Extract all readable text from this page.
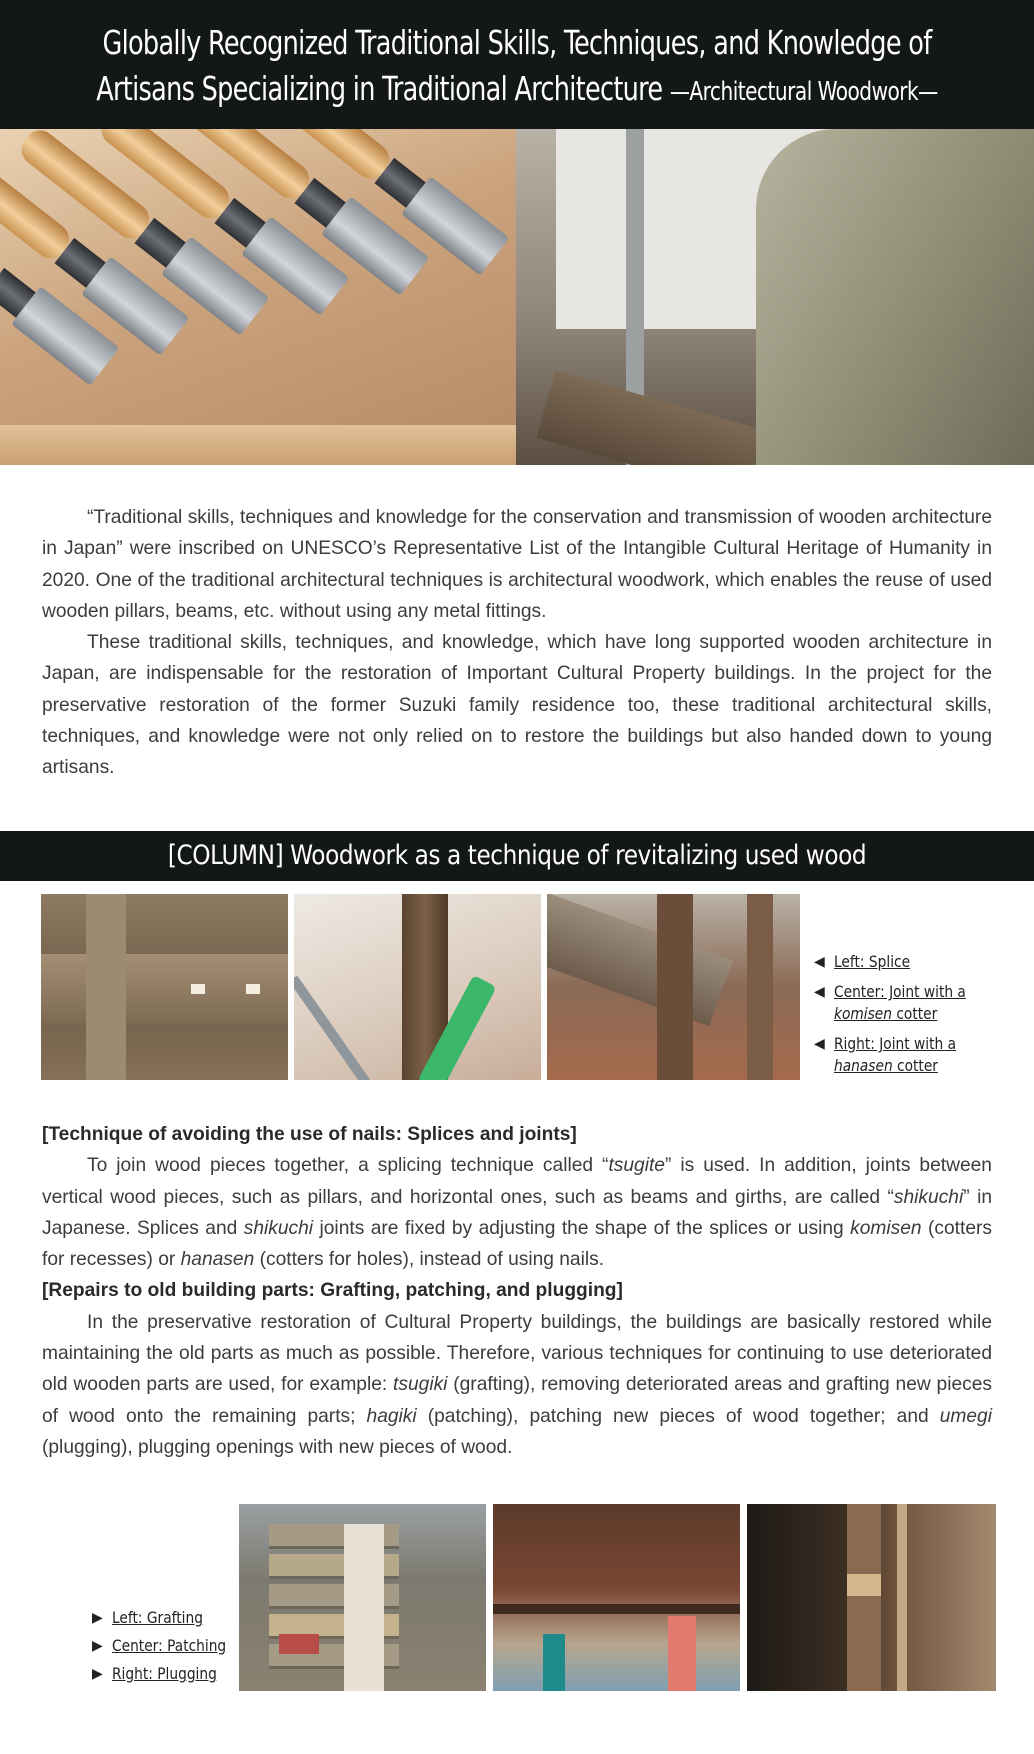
Globally Recognized Traditional Skills, Techniques, and Knowledge of
Artisans Specializing in Traditional Architecture —Architectural Woodwork—

“Traditional skills, techniques and knowledge for the conservation and transmission of wooden architecture in Japan” were inscribed on UNESCO’s Representative List of the Intangible Cultural Heritage of Humanity in 2020. One of the traditional architectural techniques is architectural woodwork, which enables the reuse of used wooden pillars, beams, etc. without using any metal fittings.

These traditional skills, techniques, and knowledge, which have long supported wooden architecture in Japan, are indispensable for the restoration of Important Cultural Property buildings. In the project for the preservative restoration of the former Suzuki family residence too, these traditional architectural skills, techniques, and knowledge were not only relied on to restore the buildings but also handed down to young artisans.

[COLUMN] Woodwork as a technique of revitalizing used wood
◀ Left: Splice
◀ Center: Joint with a
komisen cotter
◀ Right: Joint with a
hanasen cotter

[Technique of avoiding the use of nails: Splices and joints]

To join wood pieces together, a splicing technique called “tsugite” is used. In addition, joints between vertical wood pieces, such as pillars, and horizontal ones, such as beams and girths, are called “shikuchi” in Japanese. Splices and shikuchi joints are fixed by adjusting the shape of the splices or using komisen (cotters for recesses) or hanasen (cotters for holes), instead of using nails.

[Repairs to old building parts: Grafting, patching, and plugging]

In the preservative restoration of Cultural Property buildings, the buildings are basically restored while maintaining the old parts as much as possible. Therefore, various techniques for continuing to use deteriorated old wooden parts are used, for example: tsugiki (grafting), removing deteriorated areas and grafting new pieces of wood onto the remaining parts; hagiki (patching), patching new pieces of wood together; and umegi (plugging), plugging openings with new pieces of wood.

▶ Left: Grafting
▶ Center: Patching
▶ Right: Plugging
